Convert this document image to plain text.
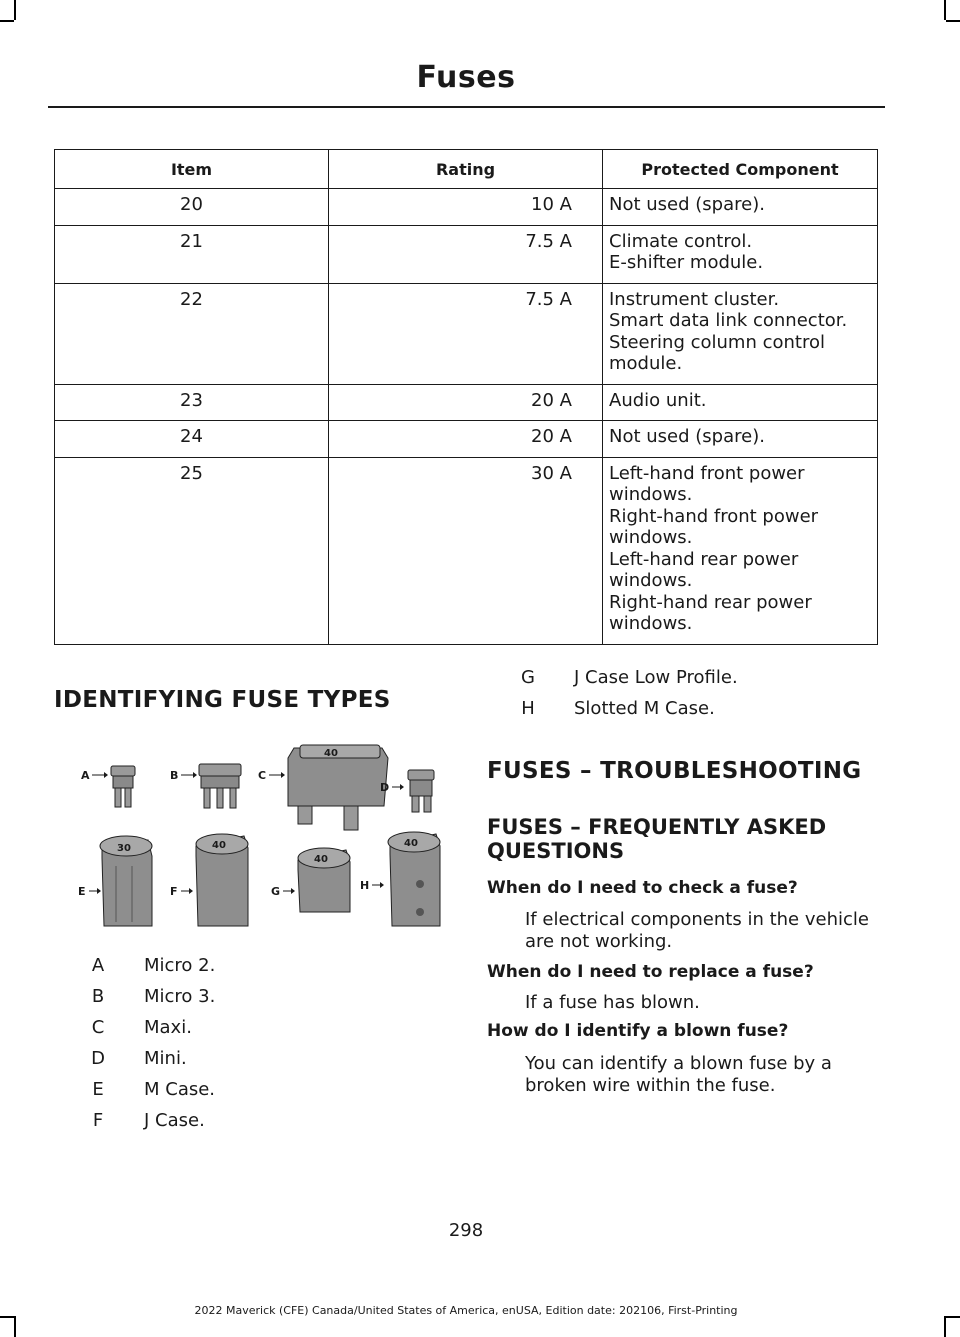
Fuses
Item	Rating	Protected Component
20	10 A	Not used (spare).

21	7.5 A	Climate control.
E-shifter module.

22	7.5 A	Instrument cluster.
Smart data link connector.
Steering column control module.

23	20 A	Audio unit.

24	20 A	Not used (spare).

25	30 A	Left-hand front power windows.
Right-hand front power windows.
Left-hand rear power windows.
Right-hand rear power windows.
IDENTIFYING FUSE TYPES
A	B	C
40
D
E
30
F
40
G
40
H
40
A Micro 2.
B Micro 3.
C Maxi.
D Mini.
E M Case.
F J Case.
G J Case Low Profile.
H Slotted M Case.
FUSES – TROUBLESHOOTING
FUSES – FREQUENTLY ASKED QUESTIONS
When do I need to check a fuse?
If electrical components in the vehicle are not working.
When do I need to replace a fuse?
If a fuse has blown.
How do I identify a blown fuse?
You can identify a blown fuse by a broken wire within the fuse.
298
2022 Maverick (CFE) Canada/United States of America, enUSA, Edition date: 202106, First-Printing
